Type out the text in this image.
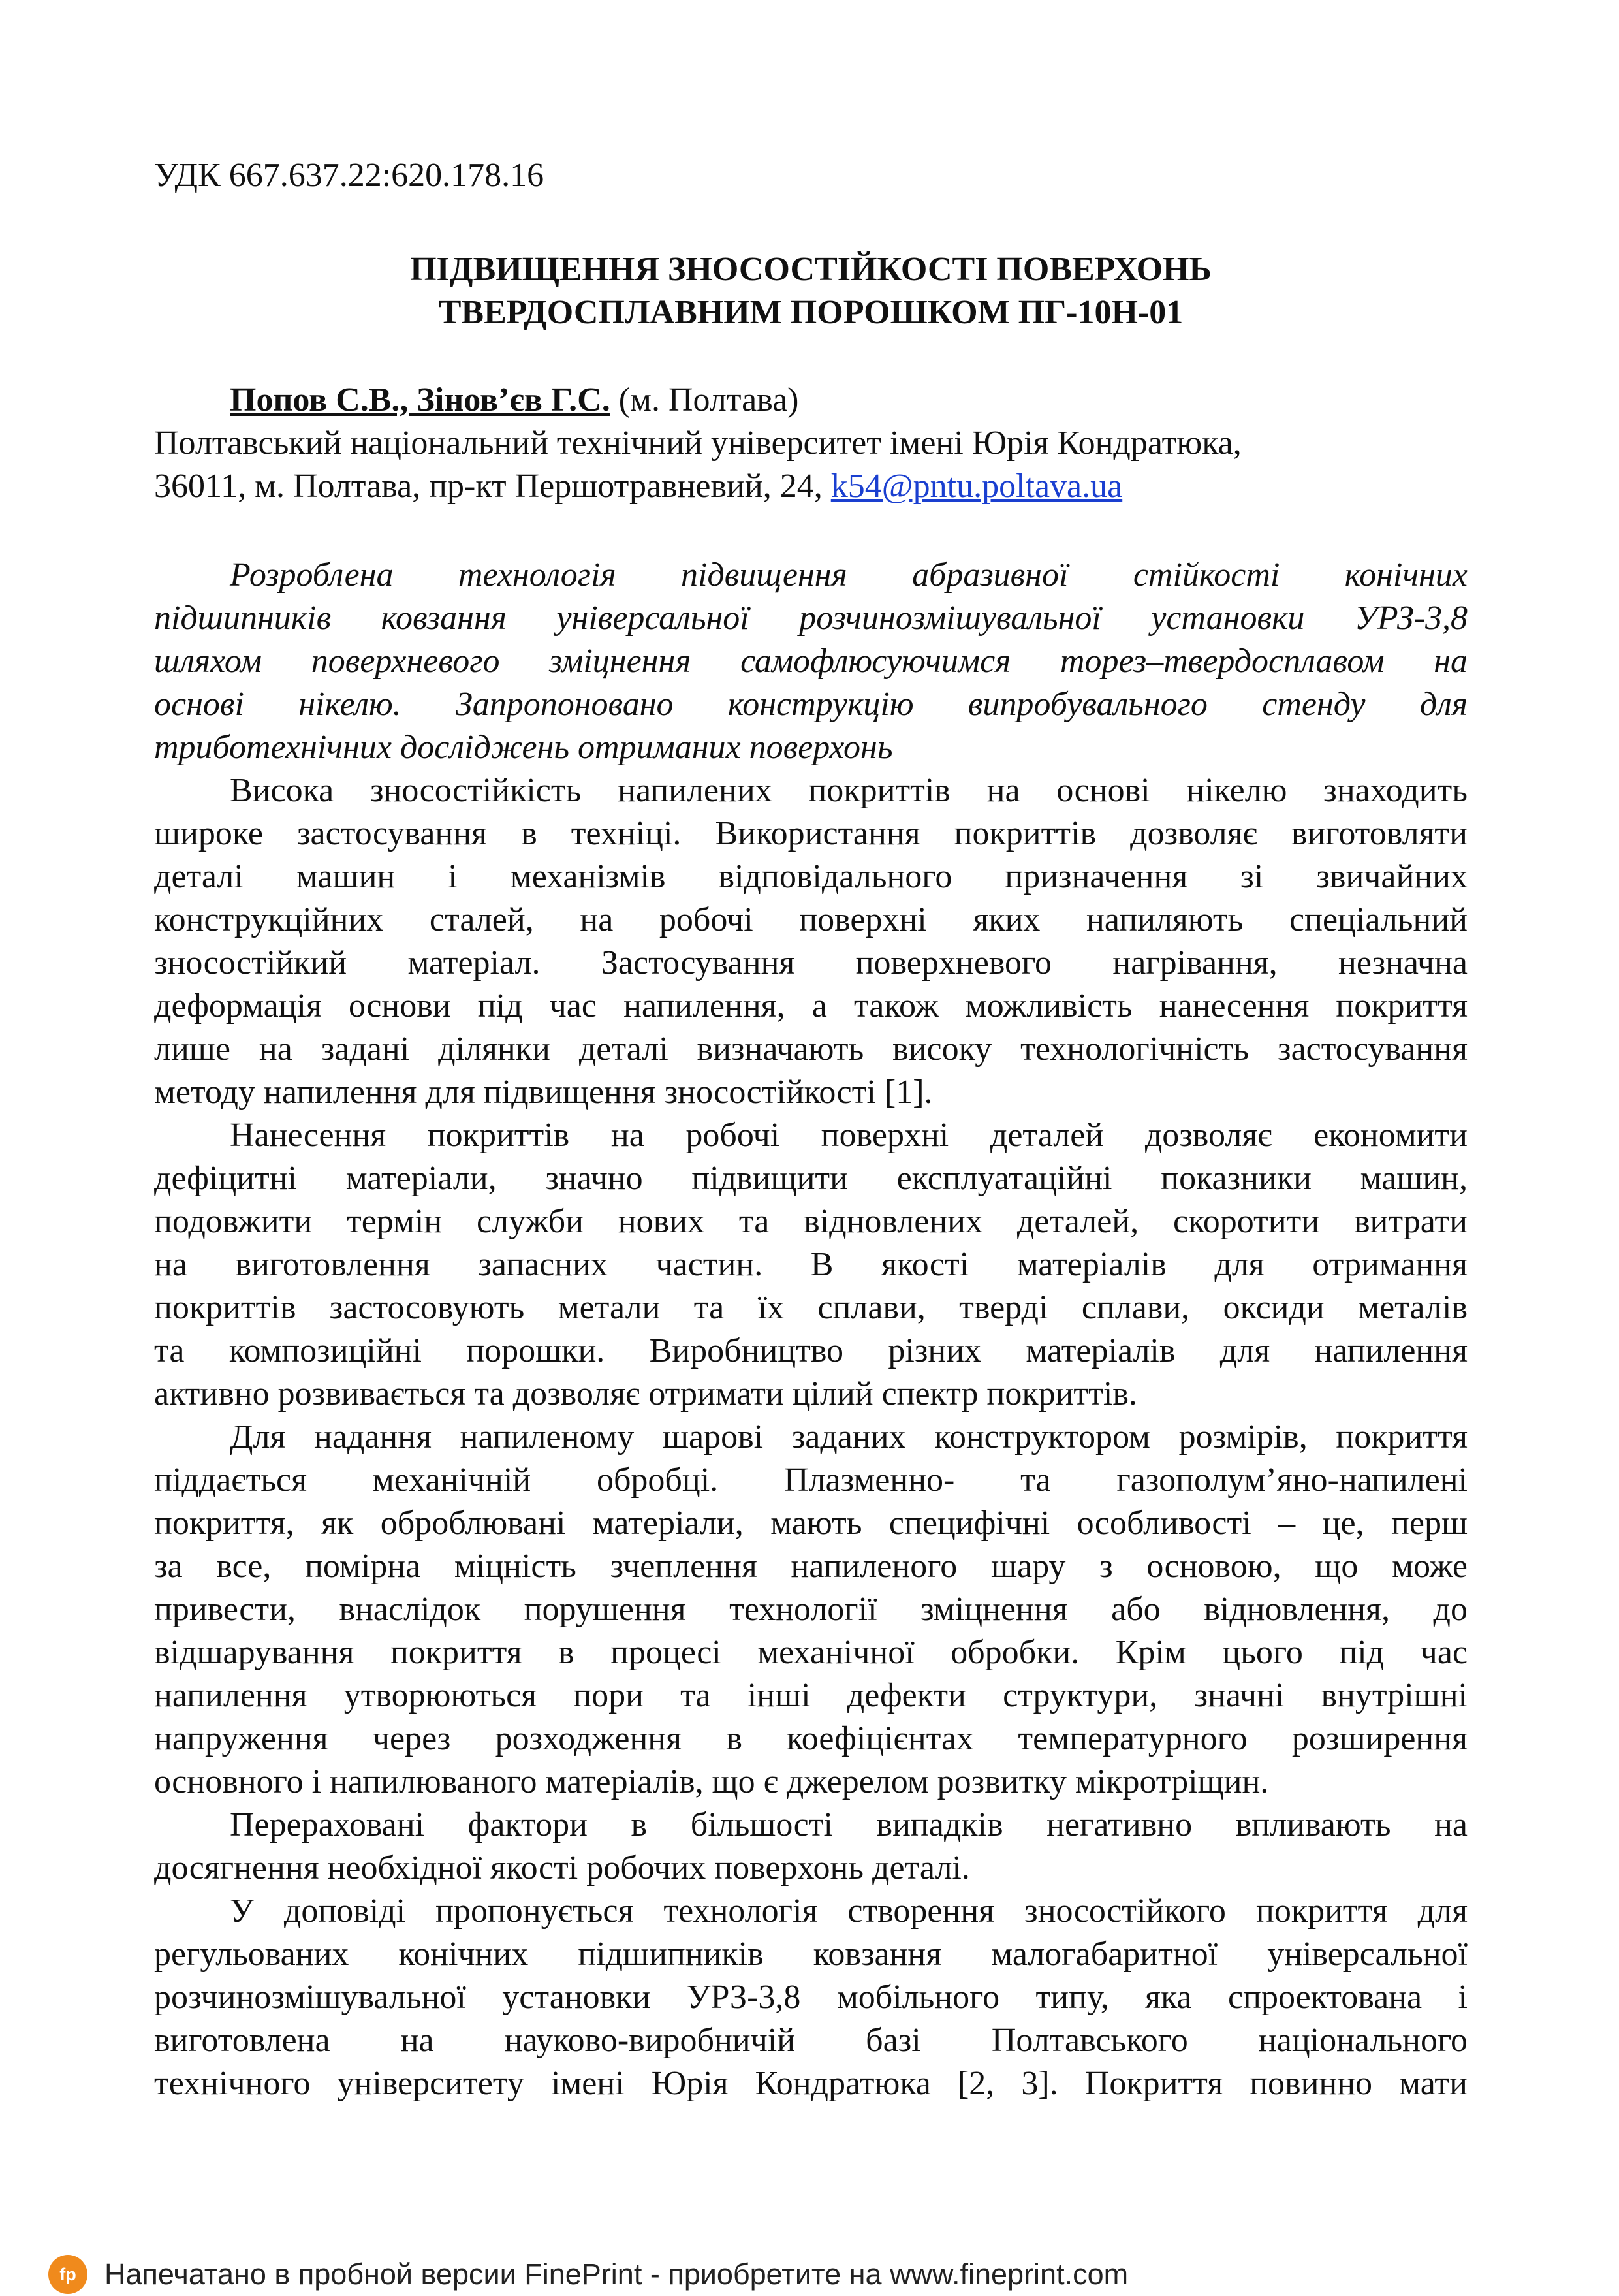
УДК 667.637.22:620.178.16
ПІДВИЩЕННЯ ЗНОСОСТІЙКОСТІ ПОВЕРХОНЬ
ТВЕРДОСПЛАВНИМ ПОРОШКОМ ПГ-10Н-01
Попов С.В., Зінов’єв Г.С. (м. Полтава)
Полтавський національний технічний університет імені Юрія Кондратюка,
36011, м. Полтава, пр-кт Першотравневий, 24, k54@pntu.poltava.ua
Розроблена технологія підвищення абразивної стійкості конічних
підшипників ковзання універсальної розчинозмішувальної установки УРЗ-3,8
шляхом поверхневого зміцнення самофлюсуючимся торез–твердосплавом на
основі нікелю. Запропоновано конструкцію випробувального стенду для
триботехнічних досліджень отриманих поверхонь
Висока зносостійкість напилених покриттів на основі нікелю знаходить
широке застосування в техніці. Використання покриттів дозволяє виготовляти
деталі машин і механізмів відповідального призначення зі звичайних
конструкційних сталей, на робочі поверхні яких напиляють спеціальний
зносостійкий матеріал. Застосування поверхневого нагрівання, незначна
деформація основи під час напилення, а також можливість нанесення покриття
лише на задані ділянки деталі визначають високу технологічність застосування
методу напилення для підвищення зносостійкості [1].
Нанесення покриттів на робочі поверхні деталей дозволяє економити
дефіцитні матеріали, значно підвищити експлуатаційні показники машин,
подовжити термін служби нових та відновлених деталей, скоротити витрати
на виготовлення запасних частин. В якості матеріалів для отримання
покриттів застосовують метали та їх сплави, тверді сплави, оксиди металів
та композиційні порошки. Виробництво різних матеріалів для напилення
активно розвивається та дозволяє отримати цілий спектр покриттів.
Для надання напиленому шарові заданих конструктором розмірів, покриття
піддається механічній обробці. Плазменно- та газополум’яно-напилені
покриття, як оброблювані матеріали, мають специфічні особливості – це, перш
за все, помірна міцність зчеплення напиленого шару з основою, що може
привести, внаслідок порушення технології зміцнення або відновлення, до
відшарування покриття в процесі механічної обробки. Крім цього під час
напилення утворюються пори та інші дефекти структури, значні внутрішні
напруження через розходження в коефіцієнтах температурного розширення
основного і напилюваного матеріалів, що є джерелом розвитку мікротріщин.
Перераховані фактори в більшості випадків негативно впливають на
досягнення необхідної якості робочих поверхонь деталі.
У доповіді пропонується технологія створення зносостійкого покриття для
регульованих конічних підшипників ковзання малогабаритної універсальної
розчинозмішувальної установки УРЗ-3,8 мобільного типу, яка спроектована і
виготовлена на науково-виробничій базі Полтавського національного
технічного університету імені Юрія Кондратюка [2, 3]. Покриття повинно мати
fp Напечатано в пробной версии FinePrint - приобретите на www.fineprint.com
